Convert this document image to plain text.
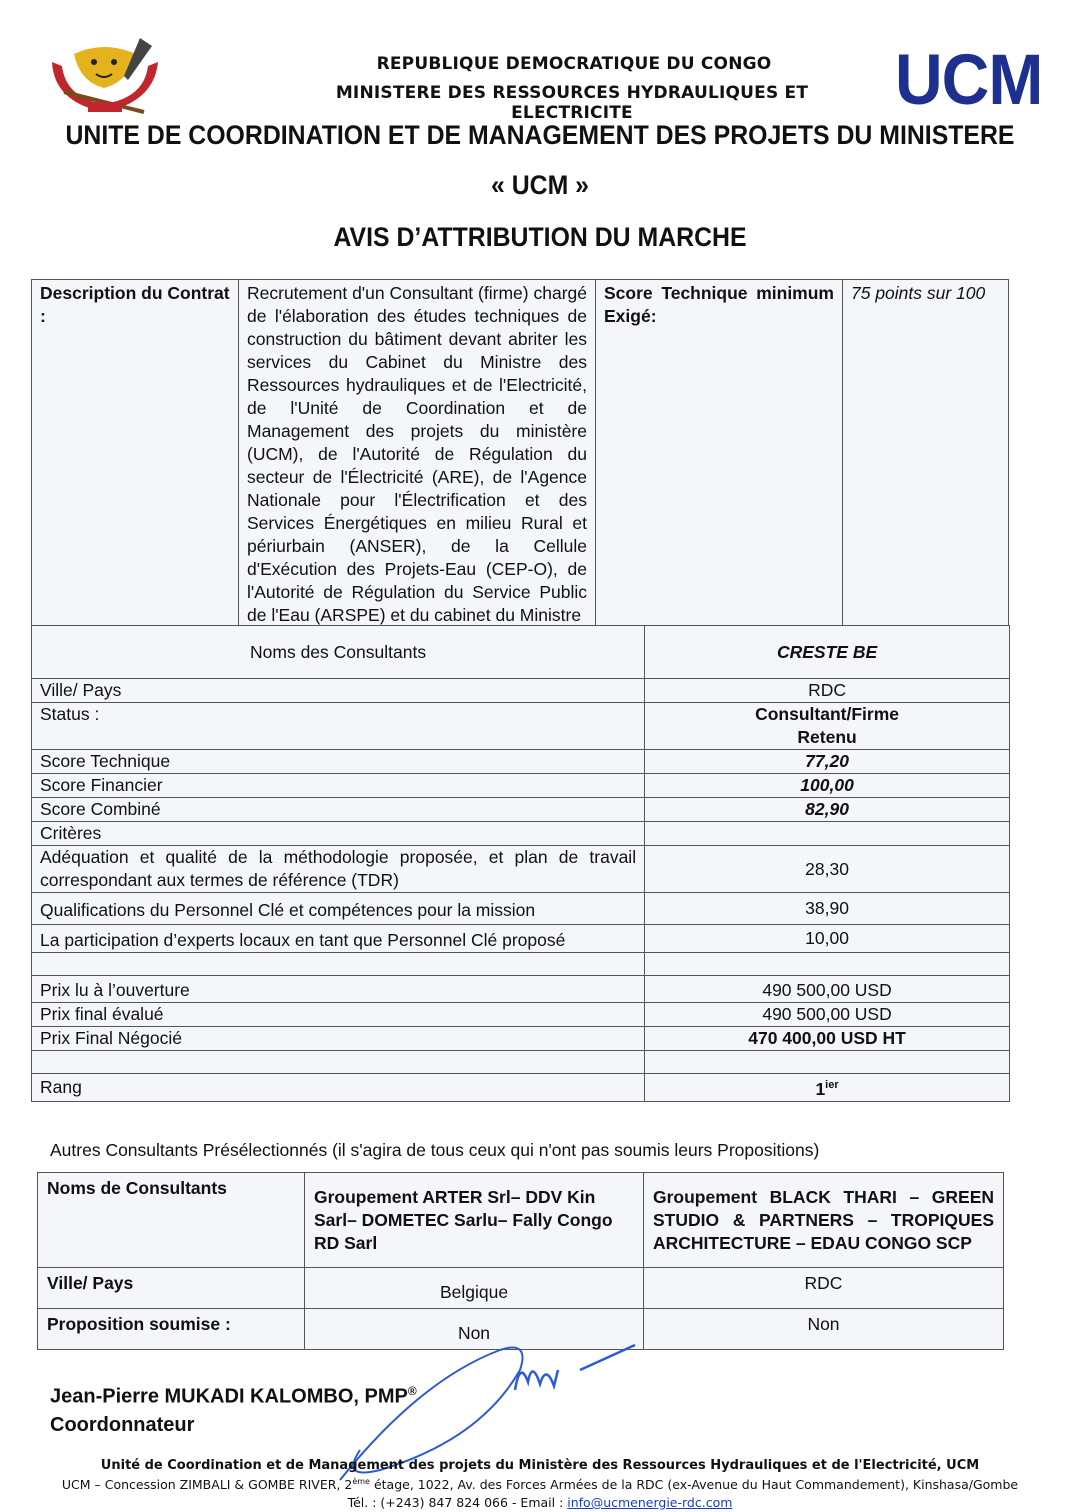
REPUBLIQUE DEMOCRATIQUE DU CONGO
MINISTERE DES RESSOURCES HYDRAULIQUES ET ELECTRICITE	UCM
UNITE DE COORDINATION ET DE MANAGEMENT DES PROJETS DU MINISTERE
« UCM »
AVIS D’ATTRIBUTION DU MARCHE
Description du Contrat :	Recrutement d'un Consultant (firme) chargé de l'élaboration des études techniques de construction du bâtiment devant abriter les services du Cabinet du Ministre des Ressources hydrauliques et de l'Electricité, de l'Unité de Coordination et de Management des projets du ministère (UCM), de l'Autorité de Régulation du secteur de l'Électricité (ARE), de l'Agence Nationale pour l'Électrification et des Services Énergétiques en milieu Rural et périurbain (ANSER), de la Cellule d'Exécution des Projets-Eau (CEP-O), de l'Autorité de Régulation du Service Public de l'Eau (ARSPE) et du cabinet du Ministre	Score Technique minimum Exigé:	75 points sur 100
Noms des Consultants	CRESTE BE
Ville/ Pays	RDC
Status :	Consultant/Firme Retenu
Score Technique	77,20
Score Financier	100,00
Score Combiné	82,90
Critères	
Adéquation et qualité de la méthodologie proposée, et plan de travail correspondant aux termes de référence (TDR)	28,30
Qualifications du Personnel Clé et compétences pour la mission	38,90
La participation d’experts locaux en tant que Personnel Clé proposé	10,00

Prix lu à l’ouverture	490 500,00 USD
Prix final évalué	490 500,00 USD
Prix Final Négocié	470 400,00 USD HT

Rang	$1^{ier}$
Autres Consultants Présélectionnés (il s'agira de tous ceux qui n'ont pas soumis leurs Propositions)
Noms de Consultants	Groupement ARTER Srl– DDV Kin Sarl– DOMETEC Sarlu– Fally Congo RD Sarl	Groupement BLACK THARI – GREEN STUDIO & PARTNERS – TROPIQUES ARCHITECTURE – EDAU CONGO SCP
Ville/ Pays	Belgique	RDC
Proposition soumise :	Non	Non
Jean-Pierre MUKADI KALOMBO, PMP®
Coordonnateur
Unité de Coordination et de Management des projets du Ministère des Ressources Hydrauliques et de l'Electricité, UCM
UCM – Concession ZIMBALI & GOMBE RIVER, 2ème étage, 1022, Av. des Forces Armées de la RDC (ex-Avenue du Haut Commandement), Kinshasa/Gombe
Tél. : (+243) 847 824 066 - Email : info@ucmenergie-rdc.com
